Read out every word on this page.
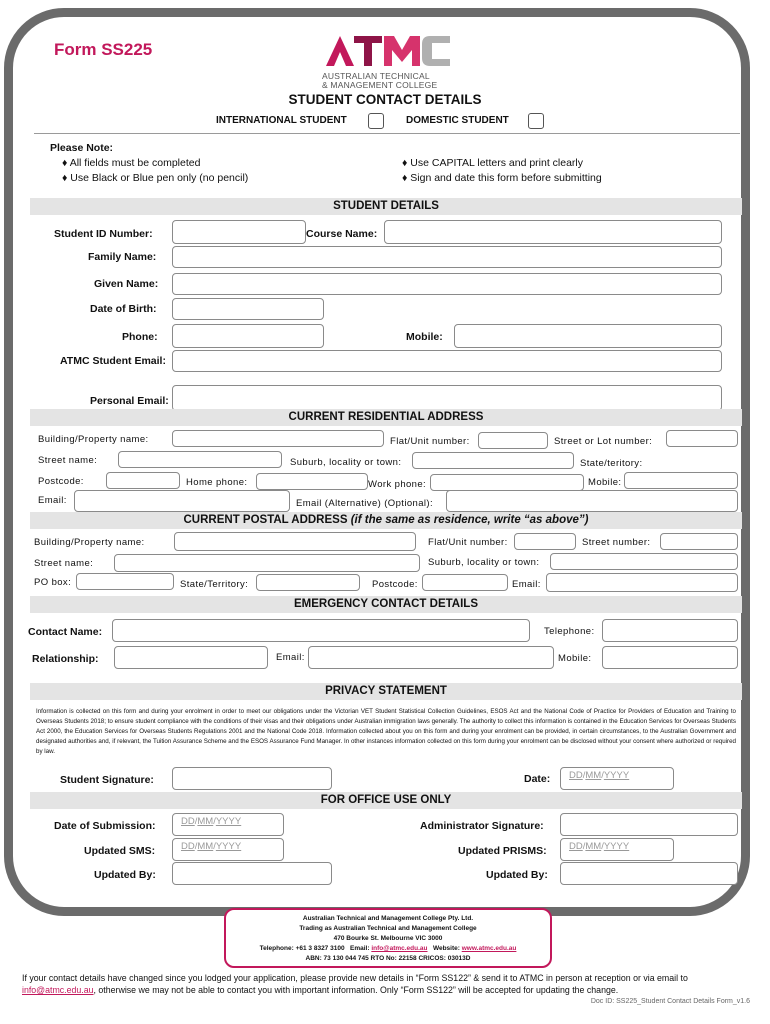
Form SS225
AUSTRALIAN TECHNICAL
& MANAGEMENT COLLEGE
STUDENT CONTACT DETAILS
INTERNATIONAL STUDENT	DOMESTIC STUDENT
Please Note:
♦ All fields must be completed
♦ Use Black or Blue pen only (no pencil)
♦ Use CAPITAL letters and print clearly
♦ Sign and date this form before submitting
STUDENT DETAILS
Student ID Number:	Course Name:
Family Name:
Given Name:
Date of Birth:
Phone:	Mobile:
ATMC Student Email:
Personal Email:
CURRENT RESIDENTIAL ADDRESS
Building/Property name:	Flat/Unit number:	Street or Lot number:
Street name:	Suburb, locality or town:	State/teritory:
Postcode:	Home phone:	Work phone:	Mobile:
Email:	Email (Alternative) (Optional):
CURRENT POSTAL ADDRESS (if the same as residence, write “as above”)
Building/Property name:	Flat/Unit number:	Street number:
Street name:	Suburb, locality or town:
PO box:	State/Territory:	Postcode:	Email:
EMERGENCY CONTACT DETAILS
Contact Name:	Telephone:
Relationship:	Email:	Mobile:
PRIVACY STATEMENT
Information is collected on this form and during your enrolment in order to meet our obligations under the Victorian VET Student Statistical Collection Guidelines, ESOS Act and the National Code of Practice for Providers of Education and Training to Overseas Students 2018; to ensure student compliance with the conditions of their visas and their obligations under Australian immigration laws generally. The authority to collect this information is contained in the Education Services for Overseas Students Act 2000, the Education Services for Overseas Students Regulations 2001 and the National Code 2018. Information collected about you on this form and during your enrolment can be provided, in certain circumstances, to the Australian Government and designated authorities and, if relevant, the Tuition Assurance Scheme and the ESOS Assurance Fund Manager. In other instances information collected on this form during your enrolment can be disclosed without your consent where authorized or required by law.
Student Signature:	Date:	DD/MM/YYYY
FOR OFFICE USE ONLY
Date of Submission:	DD/MM/YYYY	Administrator Signature:
Updated SMS:	DD/MM/YYYY	Updated PRISMS:	DD/MM/YYYY
Updated By:	Updated By:
Australian Technical and Management College Pty. Ltd.
Trading as Australian Technical and Management College
470 Bourke St. Melbourne VIC 3000
Telephone: +61 3 8327 3100 Email: info@atmc.edu.au Website: www.atmc.edu.au
ABN: 73 130 044 745 RTO No: 22158 CRICOS: 03013D
If your contact details have changed since you lodged your application, please provide new details in “Form SS122” & send it to ATMC in person at reception or via email to info@atmc.edu.au, otherwise we may not be able to contact you with important information. Only “Form SS122” will be accepted for updating the change.
Doc ID: SS225_Student Contact Details Form_v1.6
